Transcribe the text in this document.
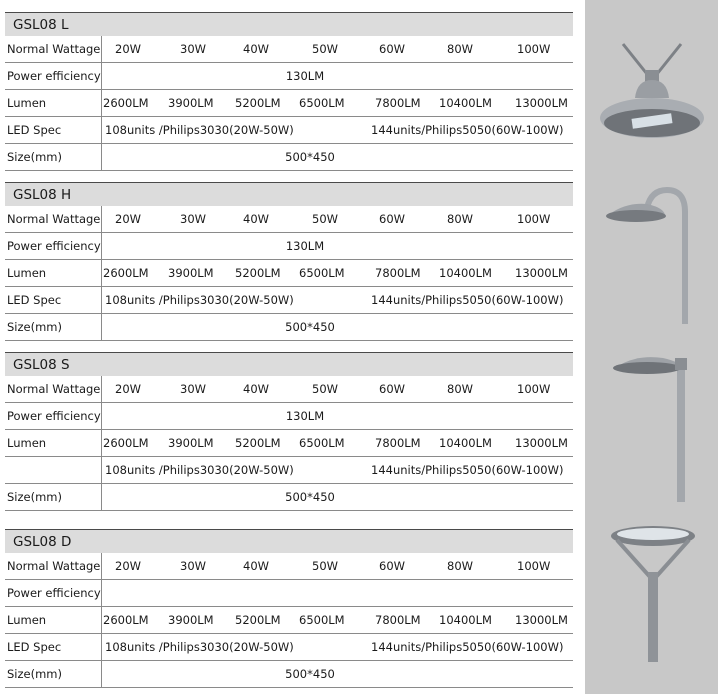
GSL08 L
Normal Wattage 20W	30W	40W	50W	60W	80W	100W
Power efficiency	130LM
Lumen	2600LM 3900LM 5200LM 6500LM	7800LM 10400LM 13000LM
LED Spec	108units /Philips3030(20W-50W)	144units/Philips5050(60W-100W)
Size(mm)	500*450
GSL08 H
Normal Wattage 20W	30W	40W	50W	60W	80W	100W
Power efficiency	130LM
Lumen	2600LM 3900LM 5200LM 6500LM	7800LM 10400LM 13000LM
LED Spec	108units /Philips3030(20W-50W)	144units/Philips5050(60W-100W)
Size(mm)	500*450
GSL08 S
Normal Wattage 20W	30W	40W	50W	60W	80W	100W
Power efficiency	130LM
Lumen	2600LM 3900LM 5200LM 6500LM	7800LM 10400LM 13000LM
108units /Philips3030(20W-50W)	144units/Philips5050(60W-100W)
Size(mm)	500*450
GSL08 D
Normal Wattage 20W	30W	40W	50W	60W	80W	100W
Power efficiency
Lumen	2600LM 3900LM 5200LM 6500LM	7800LM 10400LM 13000LM
LED Spec	108units /Philips3030(20W-50W)	144units/Philips5050(60W-100W)
Size(mm)	500*450
